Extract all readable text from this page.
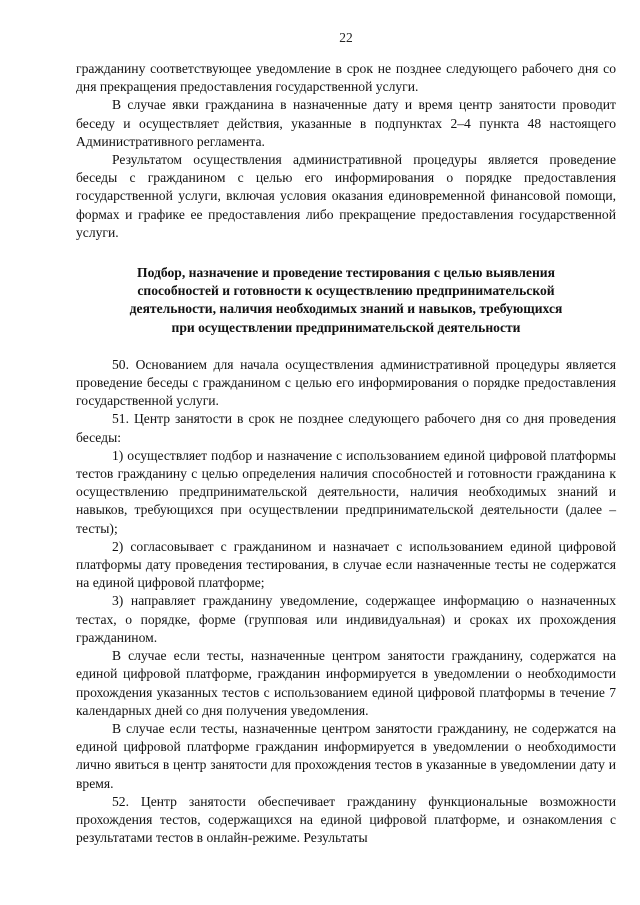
22

гражданину соответствующее уведомление в срок не позднее следующего рабочего дня со дня прекращения предоставления государственной услуги.

В случае явки гражданина в назначенные дату и время центр занятости проводит беседу и осуществляет действия, указанные в подпунктах 2–4 пункта 48 настоящего Административного регламента.

Результатом осуществления административной процедуры является проведение беседы с гражданином с целью его информирования о порядке предоставления государственной услуги, включая условия оказания единовременной финансовой помощи, формах и графике ее предоставления либо прекращение предоставления государственной услуги.

Подбор, назначение и проведение тестирования с целью выявления
способностей и готовности к осуществлению предпринимательской
деятельности, наличия необходимых знаний и навыков, требующихся
при осуществлении предпринимательской деятельности

50. Основанием для начала осуществления административной процедуры является проведение беседы с гражданином с целью его информирования о порядке предоставления государственной услуги.

51. Центр занятости в срок не позднее следующего рабочего дня со дня проведения беседы:

1) осуществляет подбор и назначение с использованием единой цифровой платформы тестов гражданину с целью определения наличия способностей и готовности гражданина к осуществлению предпринимательской деятельности, наличия необходимых знаний и навыков, требующихся при осуществлении предпринимательской деятельности (далее – тесты);

2) согласовывает с гражданином и назначает с использованием единой цифровой платформы дату проведения тестирования, в случае если назначенные тесты не содержатся на единой цифровой платформе;

3) направляет гражданину уведомление, содержащее информацию о назначенных тестах, о порядке, форме (групповая или индивидуальная) и сроках их прохождения гражданином.

В случае если тесты, назначенные центром занятости гражданину, содержатся на единой цифровой платформе, гражданин информируется в уведомлении о необходимости прохождения указанных тестов с использованием единой цифровой платформы в течение 7 календарных дней со дня получения уведомления.

В случае если тесты, назначенные центром занятости гражданину, не содержатся на единой цифровой платформе гражданин информируется в уведомлении о необходимости лично явиться в центр занятости для прохождения тестов в указанные в уведомлении дату и время.

52. Центр занятости обеспечивает гражданину функциональные возможности прохождения тестов, содержащихся на единой цифровой платформе, и ознакомления с результатами тестов в онлайн-режиме. Результаты
